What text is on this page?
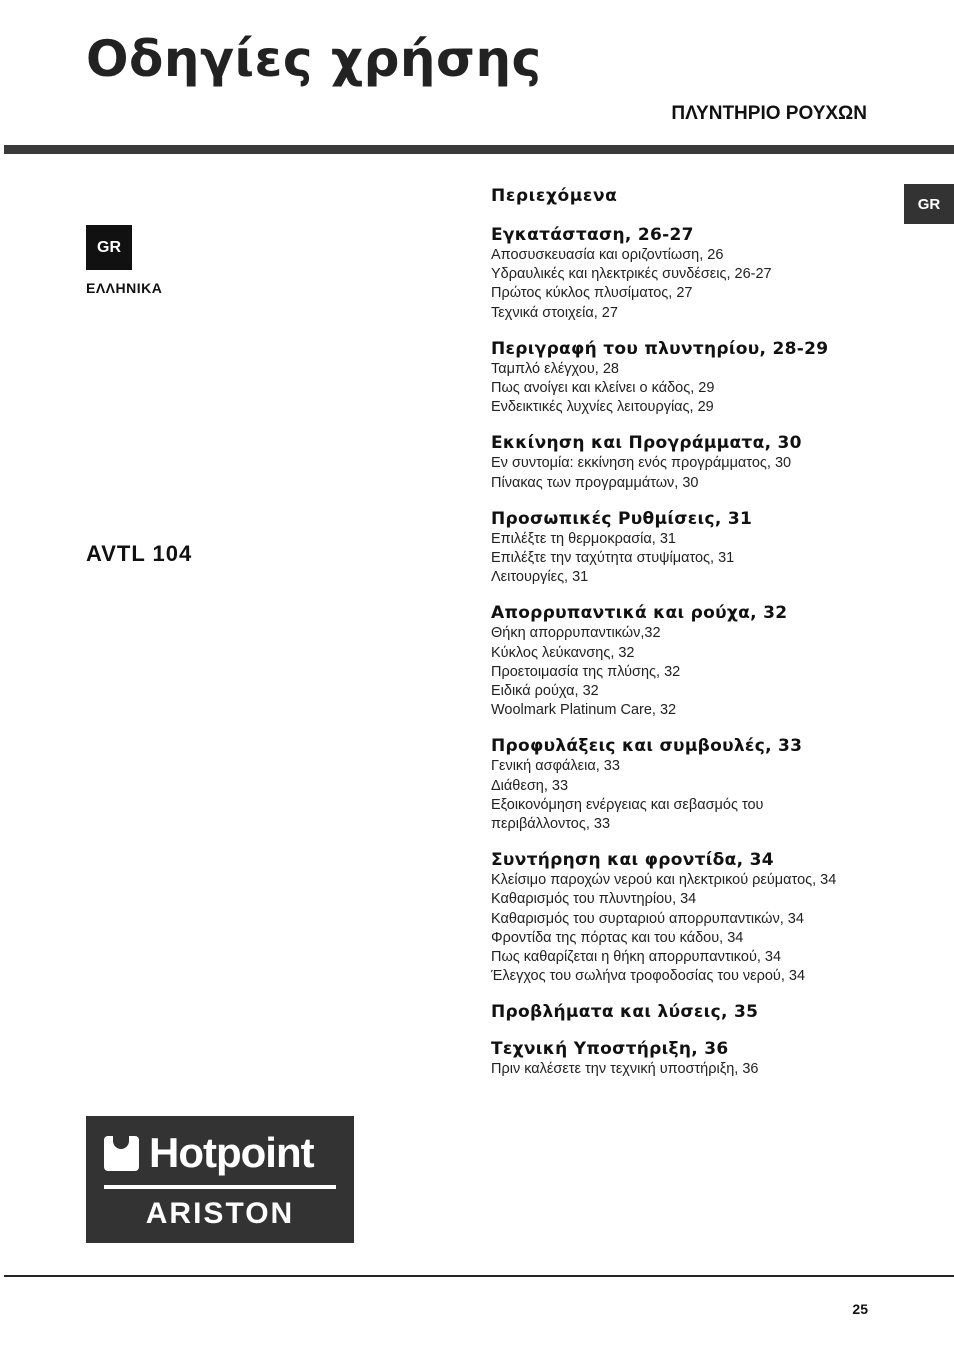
Οδηγίες χρήσης
ΠΛΥΝΤΗΡΙΟ ΡΟΥΧΩΝ
GR
ΕΛΛΗΝΙΚΑ
GR
AVTL 104
Περιεχόμενα
Εγκατάσταση, 26-27
Αποσυσκευασία και οριζοντίωση, 26
Υδραυλικές και ηλεκτρικές συνδέσεις, 26-27
Πρώτος κύκλος πλυσίματος, 27
Τεχνικά στοιχεία, 27
Περιγραφή του πλυντηρίου, 28-29
Ταμπλό ελέγχου, 28
Πως ανοίγει και κλείνει ο κάδος, 29
Ενδεικτικές λυχνίες λειτουργίας, 29
Εκκίνηση και Προγράμματα, 30
Εν συντομία: εκκίνηση ενός προγράμματος, 30
Πίνακας των προγραμμάτων, 30
Προσωπικές Ρυθμίσεις, 31
Επιλέξτε τη θερμοκρασία, 31
Επιλέξτε την ταχύτητα στυψίματος, 31
Λειτουργίες, 31
Απορρυπαντικά και ρούχα, 32
Θήκη απορρυπαντικών,32
Κύκλος λεύκανσης, 32
Προετοιμασία της πλύσης, 32
Ειδικά ρούχα, 32
Woolmark Platinum Care, 32
Προφυλάξεις και συμβουλές, 33
Γενική ασφάλεια, 33
Διάθεση, 33
Εξοικονόμηση ενέργειας και σεβασμός του
περιβάλλοντος, 33
Συντήρηση και φροντίδα, 34
Κλείσιμο παροχών νερού και ηλεκτρικού ρεύματος, 34
Καθαρισμός του πλυντηρίου, 34
Καθαρισμός του συρταριού απορρυπαντικών, 34
Φροντίδα της πόρτας και του κάδου, 34
Πως καθαρίζεται η θήκη απορρυπαντικού, 34
Έλεγχος του σωλήνα τροφοδοσίας του νερού, 34
Προβλήματα και λύσεις, 35
Τεχνική Υποστήριξη, 36
Πριν καλέσετε την τεχνική υποστήριξη, 36
Hotpoint
ARISTON
25
